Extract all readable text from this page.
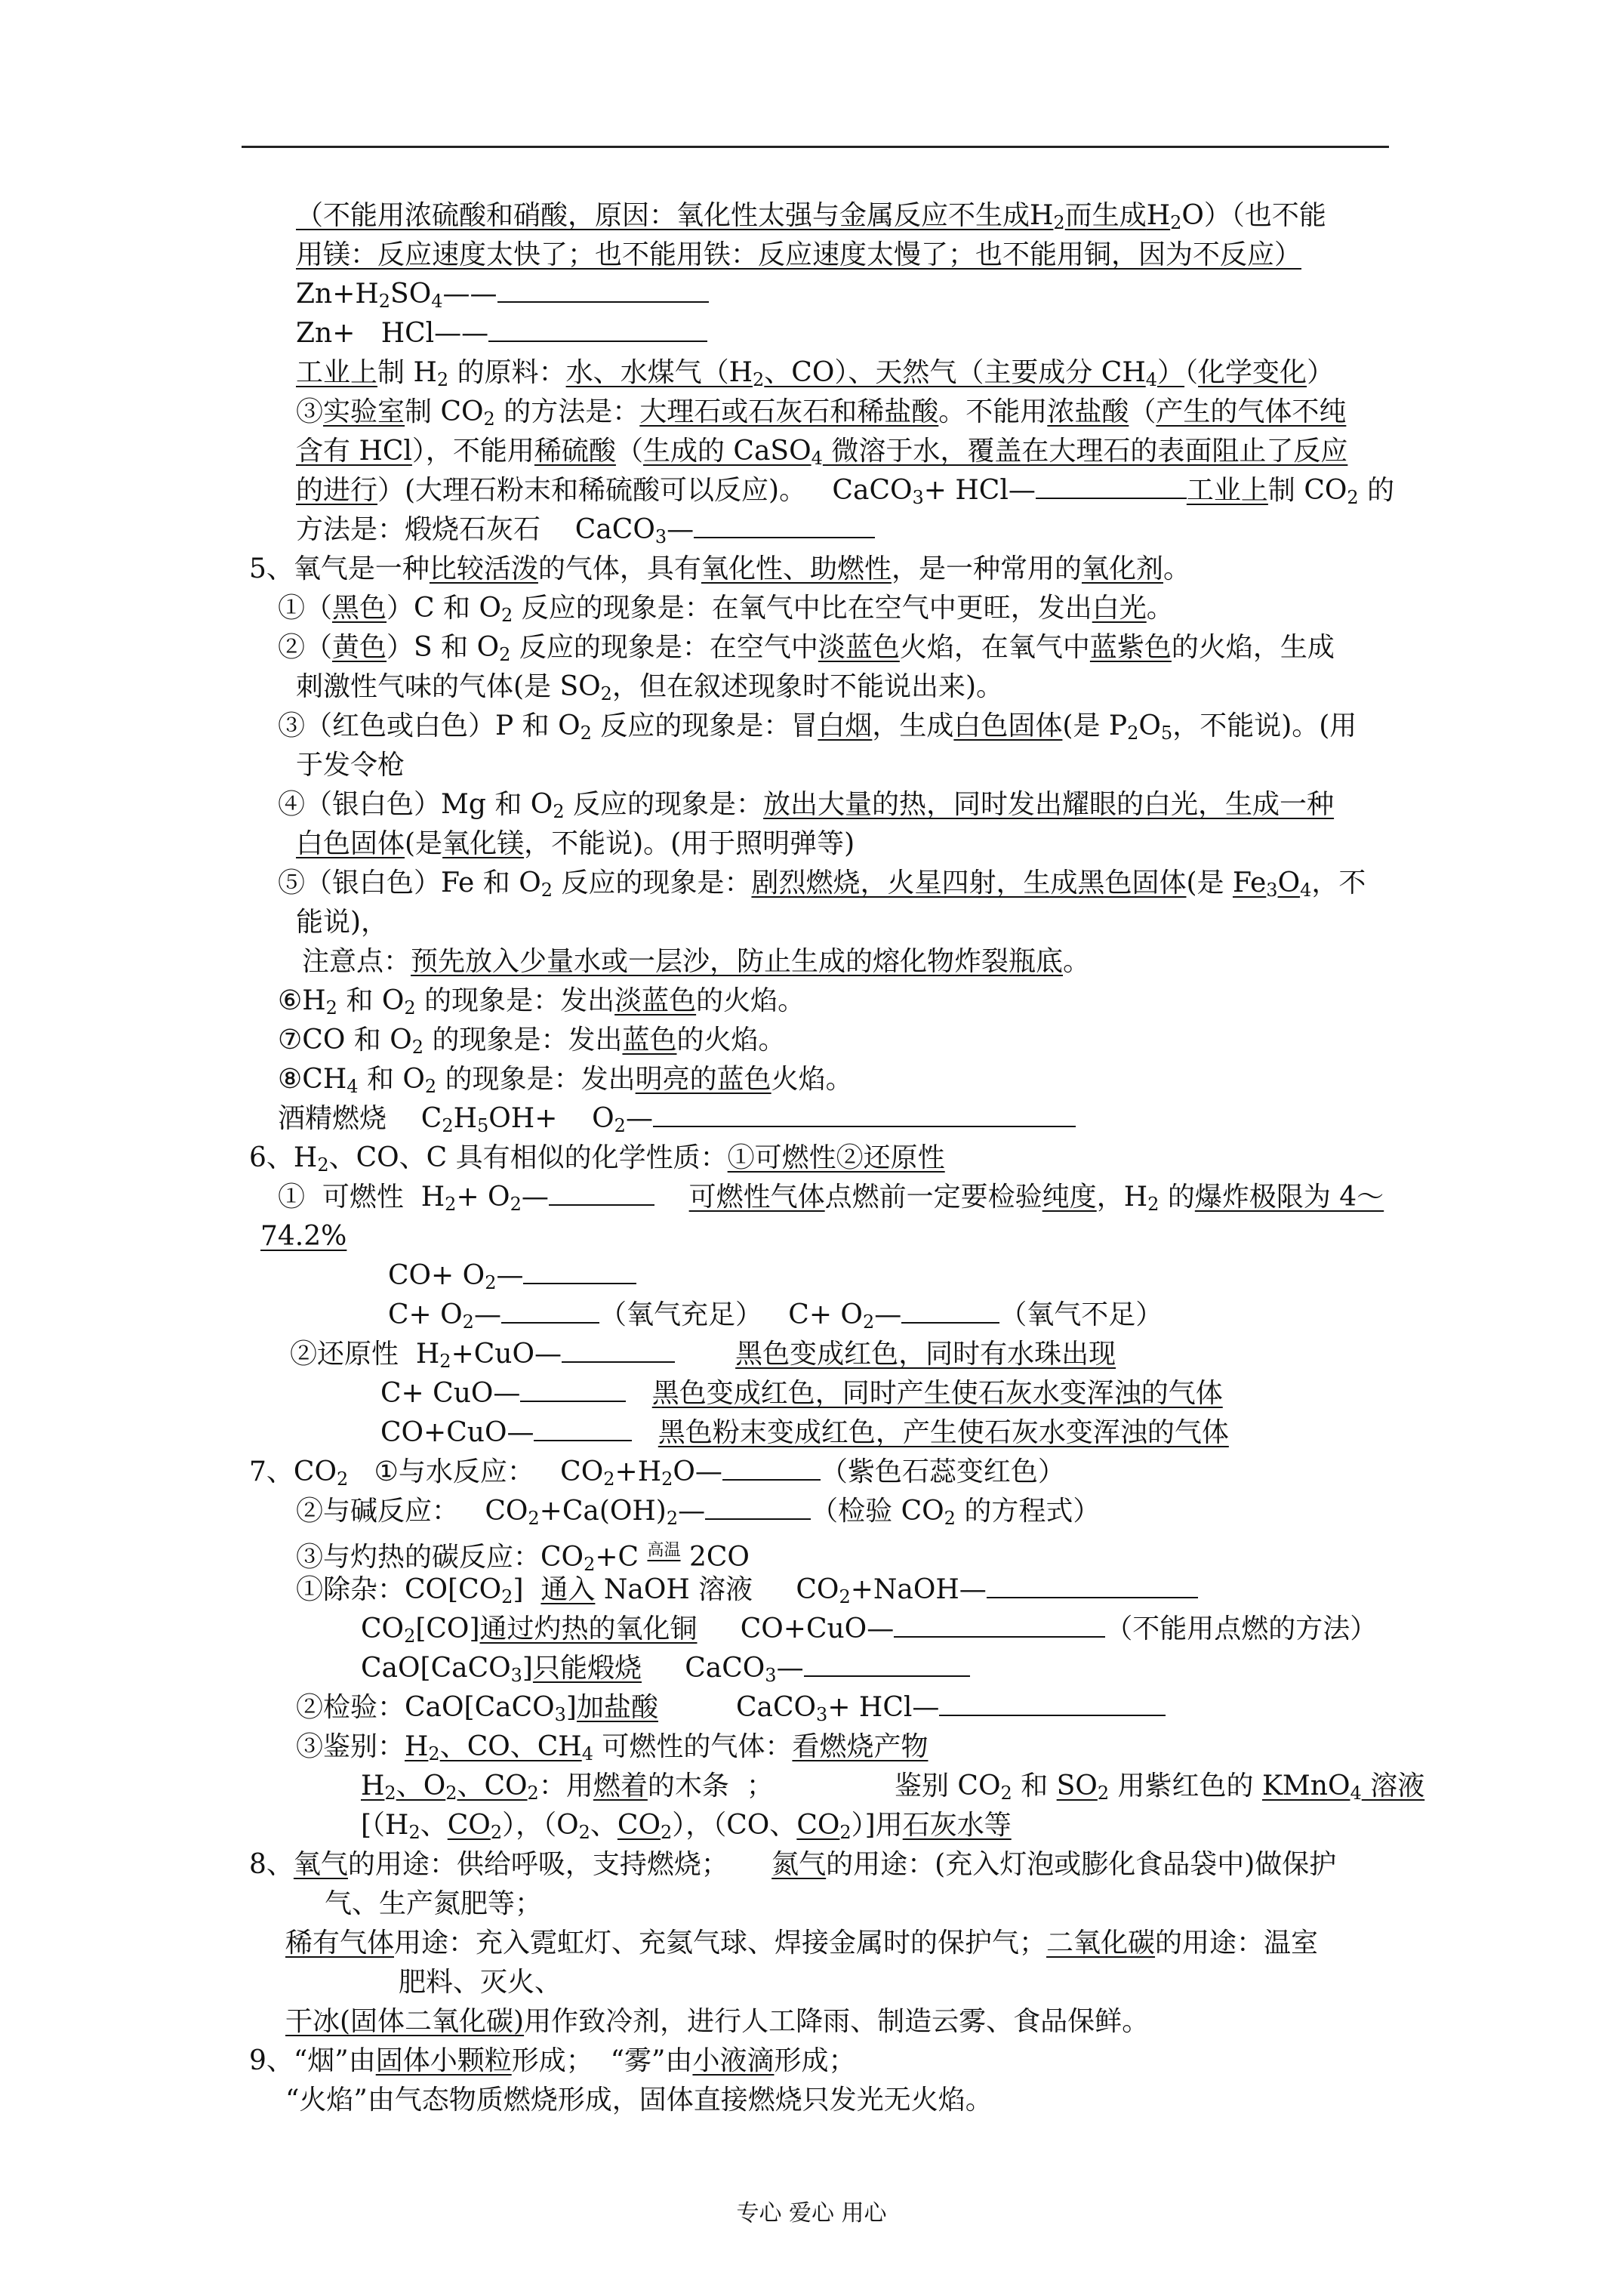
（不能用浓硫酸和硝酸，原因：氧化性太强与金属反应不生成$H_2$而生成$H_2O$）（也不能
用镁：反应速度太快了；也不能用铁：反应速度太慢了；也不能用铜，因为不反应）
$Zn+H_2SO_4——$
Zn+   HCl——
工业上制 $H_2$ 的原料：水、水煤气（$H_2$、CO）、天然气（主要成分 $CH_4$）（化学变化）
③实验室制 $CO_2$ 的方法是：大理石或石灰石和稀盐酸。不能用浓盐酸（产生的气体不纯
含有 HCl），不能用稀硫酸（生成的 CaSO$_4$ 微溶于水，覆盖在大理石的表面阻止了反应
的进行）(大理石粉末和稀硫酸可以反应)。   CaCO$_3$+ HCl—	工业上制 $CO_2$ 的
方法是：煅烧石灰石    CaCO$_3$—
5、氧气是一种比较活泼的气体，具有氧化性、助燃性，是一种常用的氧化剂。
①（黑色）C 和 $O_2$ 反应的现象是：在氧气中比在空气中更旺，发出白光。
②（黄色）S 和 $O_2$ 反应的现象是：在空气中淡蓝色火焰，在氧气中蓝紫色的火焰，生成
刺激性气味的气体(是 $SO_2$，但在叙述现象时不能说出来)。
③（红色或白色）P 和 $O_2$ 反应的现象是：冒白烟，生成白色固体(是 $P_2O_5$，不能说)。(用
于发令枪
④（银白色）Mg 和 $O_2$ 反应的现象是：放出大量的热，同时发出耀眼的白光，生成一种
白色固体(是氧化镁，不能说)。(用于照明弹等)
⑤（银白色）Fe 和 $O_2$ 反应的现象是：剧烈燃烧，火星四射，生成黑色固体(是 $Fe_3O_4$，不
能说)，
注意点：预先放入少量水或一层沙，防止生成的熔化物炸裂瓶底。
$⑥H_2$ 和 $O_2$ 的现象是：发出淡蓝色的火焰。
⑦CO 和 $O_2$ 的现象是：发出蓝色的火焰。
$⑧CH_4$ 和 $O_2$ 的现象是：发出明亮的蓝色火焰。
酒精燃烧    $C_2H_5OH+$    $O_2—$
6、$H_2$、CO、C 具有相似的化学性质：①可燃性②还原性
①  可燃性  $H_2+$ $O_2—$	可燃性气体点燃前一定要检验纯度，$H_2$ 的爆炸极限为 4～
74.2%
$CO+ O_2—$
$C+ O_2—$	（氧气充足）   $C+ O_2—$	（氧气不足）
②还原性  $H_2+CuO—$	黑色变成红色，同时有水珠出现
C+ CuO—	黑色变成红色，同时产生使石灰水变浑浊的气体
CO+CuO—	黑色粉末变成红色，产生使石灰水变浑浊的气体
7、$CO_2$   ①与水反应：   $CO_2+H_2O—$	（紫色石蕊变红色）
②与碱反应：   $CO_2+Ca(OH)_2—$	（检验 $CO_2$ 的方程式）
③与灼热的碳反应：$CO_2+C$ $^{高温}$ 2CO
①除杂：$CO[CO_2]$  通入 NaOH 溶液     $CO_2+NaOH—$
$CO_2[CO]$通过灼热的氧化铜     CO+CuO—	（不能用点燃的方法）
CaO[CaCO$_3$]只能煅烧     CaCO$_3$—
②检验：CaO[CaCO$_3$]加盐酸         CaCO$_3$+ HCl—
③鉴别：$H_2$、CO、$CH_4$ 可燃性的气体：看燃烧产物
$H_2$、$O_2$、$CO_2$：用燃着的木条  ；              鉴别 $CO_2$ 和 $SO_2$ 用紫红色的 KMnO$_4$ 溶液
[（$H_2$、$CO_2$），（$O_2$、$CO_2$），（CO、$CO_2$）]用石灰水等
8、氧气的用途：供给呼吸，支持燃烧；     氮气的用途：(充入灯泡或膨化食品袋中)做保护
气、生产氮肥等；
稀有气体用途：充入霓虹灯、充氦气球、焊接金属时的保护气；二氧化碳的用途：温室
肥料、灭火、
干冰(固体二氧化碳)用作致冷剂，进行人工降雨、制造云雾、食品保鲜。
9、“烟”由固体小颗粒形成；  “雾”由小液滴形成；
“火焰”由气态物质燃烧形成，固体直接燃烧只发光无火焰。
专心 爱心 用心
